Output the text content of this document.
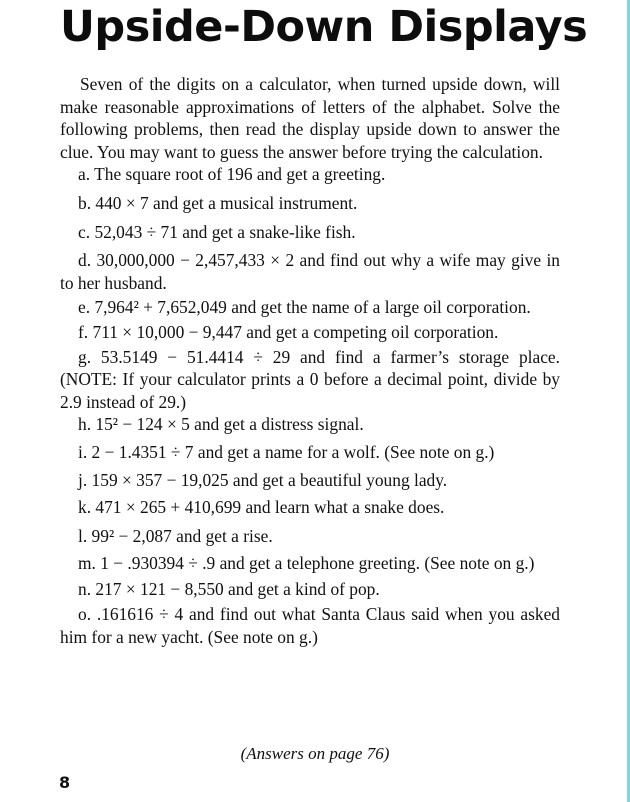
Upside-Down Displays

Seven of the digits on a calculator, when turned upside down, will make reasonable approximations of letters of the alphabet. Solve the following problems, then read the display upside down to answer the clue. You may want to guess the answer before trying the calculation.

a. The square root of 196 and get a greeting.

b. 440 × 7 and get a musical instrument.

c. 52,043 ÷ 71 and get a snake-like fish.

d. 30,000,000 − 2,457,433 × 2 and find out why a wife may give in to her husband.

e. 7,964² + 7,652,049 and get the name of a large oil corporation.

f. 711 × 10,000 − 9,447 and get a competing oil corporation.

g. 53.5149 − 51.4414 ÷ 29 and find a farmer’s storage place. (NOTE: If your calculator prints a 0 before a decimal point, divide by 2.9 instead of 29.)

h. 15² − 124 × 5 and get a distress signal.

i. 2 − 1.4351 ÷ 7 and get a name for a wolf. (See note on g.)

j. 159 × 357 − 19,025 and get a beautiful young lady.

k. 471 × 265 + 410,699 and learn what a snake does.

l. 99² − 2,087 and get a rise.

m. 1 − .930394 ÷ .9 and get a telephone greeting. (See note on g.)

n. 217 × 121 − 8,550 and get a kind of pop.

o. .161616 ÷ 4 and find out what Santa Claus said when you asked him for a new yacht. (See note on g.)

(Answers on page 76)
8
